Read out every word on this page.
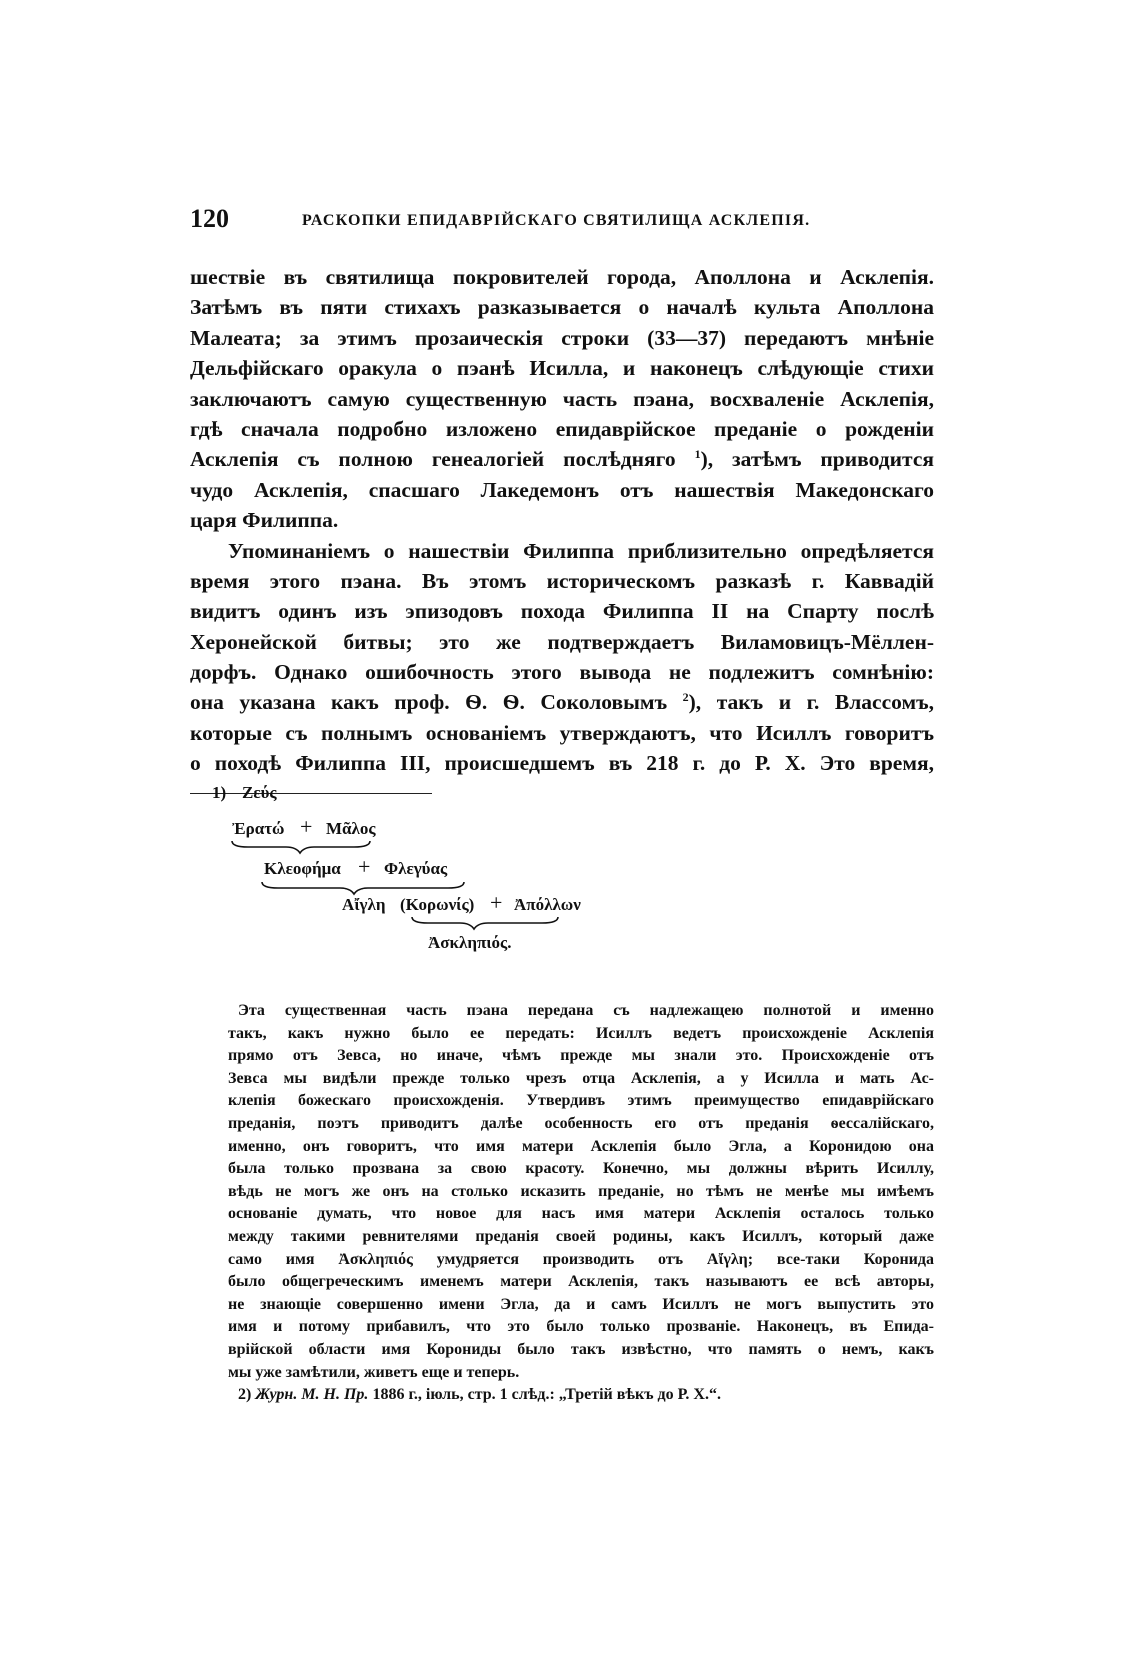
120	РАСКОПКИ ЕПИДАВРІЙСКАГО СВЯТИЛИЩА АСКЛЕПІЯ.
шествіе въ святилища покровителей города, Аполлона и Асклепія.
Затѣмъ въ пяти стихахъ разказывается о началѣ культа Аполлона
Малеата; за этимъ прозаическія строки (33—37) передаютъ мнѣніе
Дельфійскаго оракула о пэанѣ Исилла, и наконецъ слѣдующіе стихи
заключаютъ самую существенную часть пэана, восхваленіе Асклепія,
гдѣ сначала подробно изложено епидаврійское преданіе о рожденіи
Асклепія съ полною генеалогіей послѣдняго $^1$), затѣмъ приводится
чудо Асклепія, спасшаго Лакедемонъ отъ нашествія Македонскаго
царя Филиппа.
Упоминаніемъ о нашествіи Филиппа приблизительно опредѣляется
время этого пэана. Въ этомъ историческомъ разказѣ г. Каввадій
видитъ одинъ изъ эпизодовъ похода Филиппа II на Спарту послѣ
Херонейской битвы; это же подтверждаетъ Виламовицъ-Мёллен-
дорфъ. Однако ошибочность этого вывода не подлежитъ сомнѣнію:
она указана какъ проф. Ѳ. Ѳ. Соколовымъ $^2$), такъ и г. Влассомъ,
которые съ полнымъ основаніемъ утверждаютъ, что Исиллъ говоритъ
о походѣ Филиппа III, происшедшемъ въ 218 г. до Р. Х. Это время,
1) Ζεύς
Ἐρατώ + Μᾶλος
Κλεοφήμα + Φλεγύας
Αἴγλη (Κορωνίς) + Ἀπόλλων
Ἀσκληπιός.
Эта существенная часть пэана передана съ надлежащею полнотой и именно
такъ, какъ нужно было ее передать: Исиллъ ведетъ происхожденіе Асклепія
прямо отъ Зевса, но иначе, чѣмъ прежде мы знали это. Происхожденіе отъ
Зевса мы видѣли прежде только чрезъ отца Асклепія, а у Исилла и мать Ас-
клепія божескаго происхожденія. Утвердивъ этимъ преимущество епидаврійскаго
преданія, поэтъ приводитъ далѣе особенность его отъ преданія ѳессалійскаго,
именно, онъ говоритъ, что имя матери Асклепія было Эгла, а Коронидою она
была только прозвана за свою красоту. Конечно, мы должны вѣрить Исиллу,
вѣдь не могъ же онъ на столько исказить преданіе, но тѣмъ не менѣе мы имѣемъ
основаніе думать, что новое для насъ имя матери Асклепія осталось только
между такими ревнителями преданія своей родины, какъ Исиллъ, который даже
само имя Ἀσκληπιός умудряется производить отъ Αἴγλη; все-таки Коронида
было общегреческимъ именемъ матери Асклепія, такъ называютъ ее всѣ авторы,
не знающіе совершенно имени Эгла, да и самъ Исиллъ не могъ выпустить это
имя и потому прибавилъ, что это было только прозваніе. Наконецъ, въ Епида-
врійской области имя Корониды было такъ извѣстно, что память о немъ, какъ
мы уже замѣтили, живетъ еще и теперь.
2) Журн. М. Н. Пр. 1886 г., іюль, стр. 1 слѣд.: „Третій вѣкъ до Р. Х.“.
